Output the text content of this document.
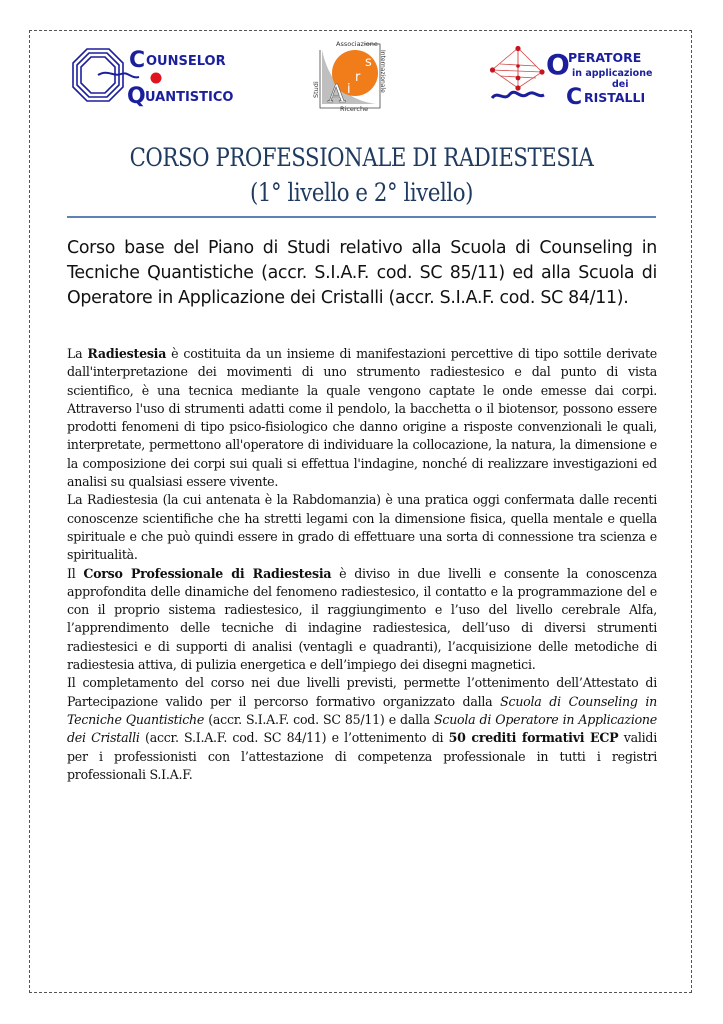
C OUNSELOR
Q UANTISTICO
Associazione
Ricerche
Studi	Internazionale
A i
r
s	O
PERATORE
in applicazione
dei
C RISTALLI
CORSO PROFESSIONALE DI RADIESTESIA
(1° livello e 2° livello)
Corso base del Piano di Studi relativo alla Scuola di Counseling in Tecniche Quantistiche (accr. S.I.A.F. cod. SC 85/11) ed alla Scuola di Operatore in Applicazione dei Cristalli (accr. S.I.A.F. cod. SC 84/11).

La Radiestesia è costituita da un insieme di manifestazioni percettive di tipo sottile derivate dall'interpretazione dei movimenti di uno strumento radiestesico e dal punto di vista scientifico, è una tecnica mediante la quale vengono captate le onde emesse dai corpi. Attraverso l'uso di strumenti adatti come il pendolo, la bacchetta o il biotensor, possono essere prodotti fenomeni di tipo psico-fisiologico che danno origine a risposte convenzionali le quali, interpretate, permettono all'operatore di individuare la collocazione, la natura, la dimensione e la composizione dei corpi sui quali si effettua l'indagine, nonché di realizzare investigazioni ed analisi su qualsiasi essere vivente.

La Radiestesia (la cui antenata è la Rabdomanzia) è una pratica oggi confermata dalle recenti conoscenze scientifiche che ha stretti legami con la dimensione fisica, quella mentale e quella spirituale e che può quindi essere in grado di effettuare una sorta di connessione tra scienza e spiritualità.

Il Corso Professionale di Radiestesia è diviso in due livelli e consente la conoscenza approfondita delle dinamiche del fenomeno radiestesico, il contatto e la programmazione del e con il proprio sistema radiestesico, il raggiungimento e l’uso del livello cerebrale Alfa, l’apprendimento delle tecniche di indagine radiestesica, dell’uso di diversi strumenti radiestesici e di supporti di analisi (ventagli e quadranti), l’acquisizione delle metodiche di radiestesia attiva, di pulizia energetica e dell’impiego dei disegni magnetici.

Il completamento del corso nei due livelli previsti, permette l’ottenimento dell’Attestato di Partecipazione valido per il percorso formativo organizzato dalla Scuola di Counseling in Tecniche Quantistiche (accr. S.I.A.F. cod. SC 85/11) e dalla Scuola di Operatore in Applicazione dei Cristalli (accr. S.I.A.F. cod. SC 84/11) e l’ottenimento di 50 crediti formativi ECP validi per i professionisti con l’attestazione di competenza professionale in tutti i registri professionali S.I.A.F.
